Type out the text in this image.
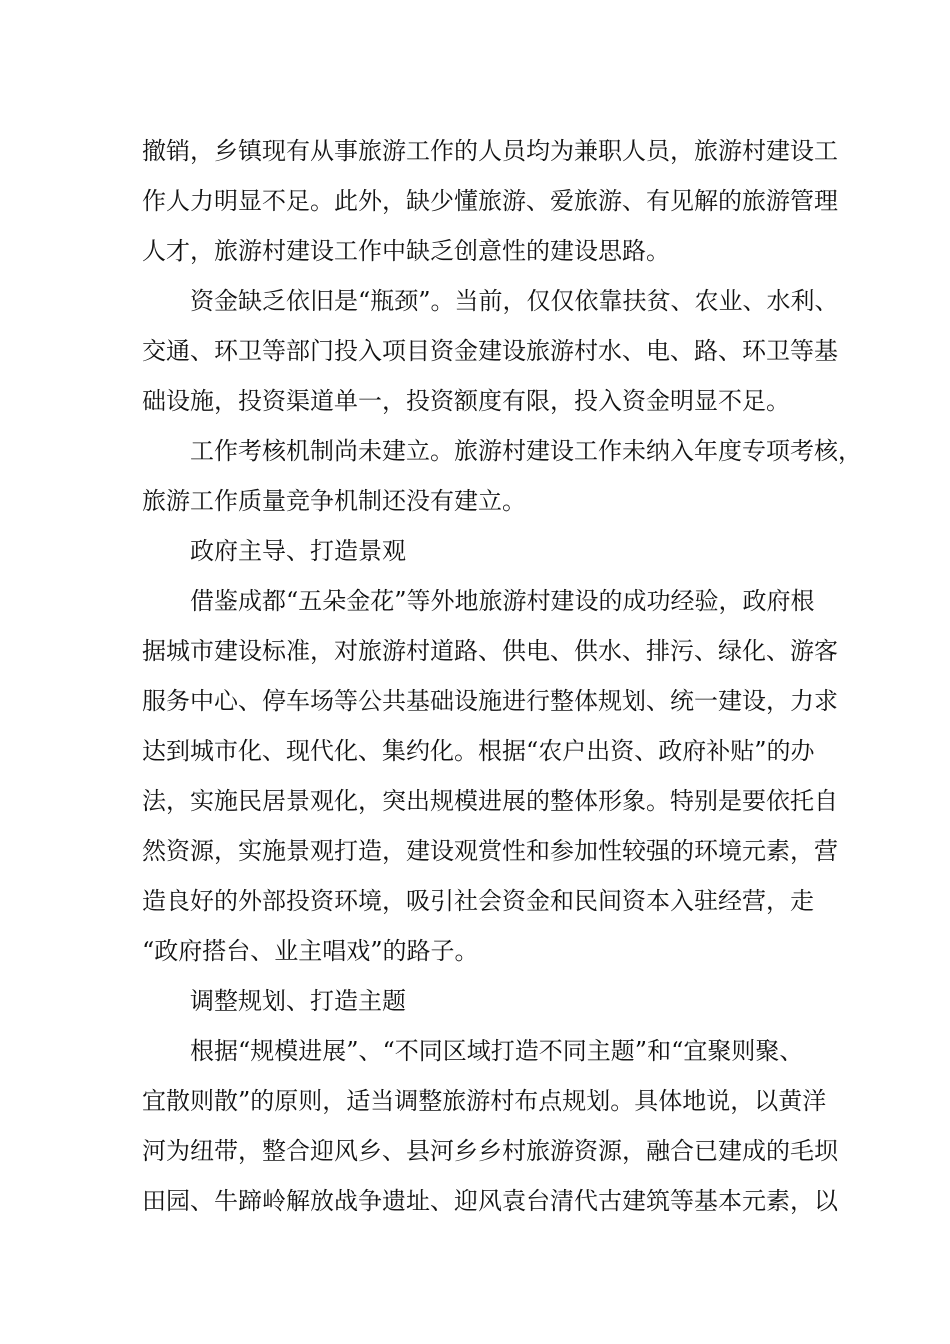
撤销，乡镇现有从事旅游工作的人员均为兼职人员，旅游村建设工
作人力明显不足。此外，缺少懂旅游、爱旅游、有见解的旅游管理
人才，旅游村建设工作中缺乏创意性的建设思路。
资金缺乏依旧是“瓶颈”。当前，仅仅依靠扶贫、农业、水利、
交通、环卫等部门投入项目资金建设旅游村水、电、路、环卫等基
础设施，投资渠道单一，投资额度有限，投入资金明显不足。
工作考核机制尚未建立。旅游村建设工作未纳入年度专项考核，
旅游工作质量竞争机制还没有建立。
政府主导、打造景观
借鉴成都“五朵金花”等外地旅游村建设的成功经验，政府根
据城市建设标准，对旅游村道路、供电、供水、排污、绿化、游客
服务中心、停车场等公共基础设施进行整体规划、统一建设，力求
达到城市化、现代化、集约化。根据“农户出资、政府补贴”的办
法，实施民居景观化，突出规模进展的整体形象。特别是要依托自
然资源，实施景观打造，建设观赏性和参加性较强的环境元素，营
造良好的外部投资环境，吸引社会资金和民间资本入驻经营，走
“政府搭台、业主唱戏”的路子。
调整规划、打造主题
根据“规模进展”、“不同区域打造不同主题”和“宜聚则聚、
宜散则散”的原则，适当调整旅游村布点规划。具体地说，以黄洋
河为纽带，整合迎风乡、县河乡乡村旅游资源，融合已建成的毛坝
田园、牛蹄岭解放战争遗址、迎风袁台清代古建筑等基本元素，以
